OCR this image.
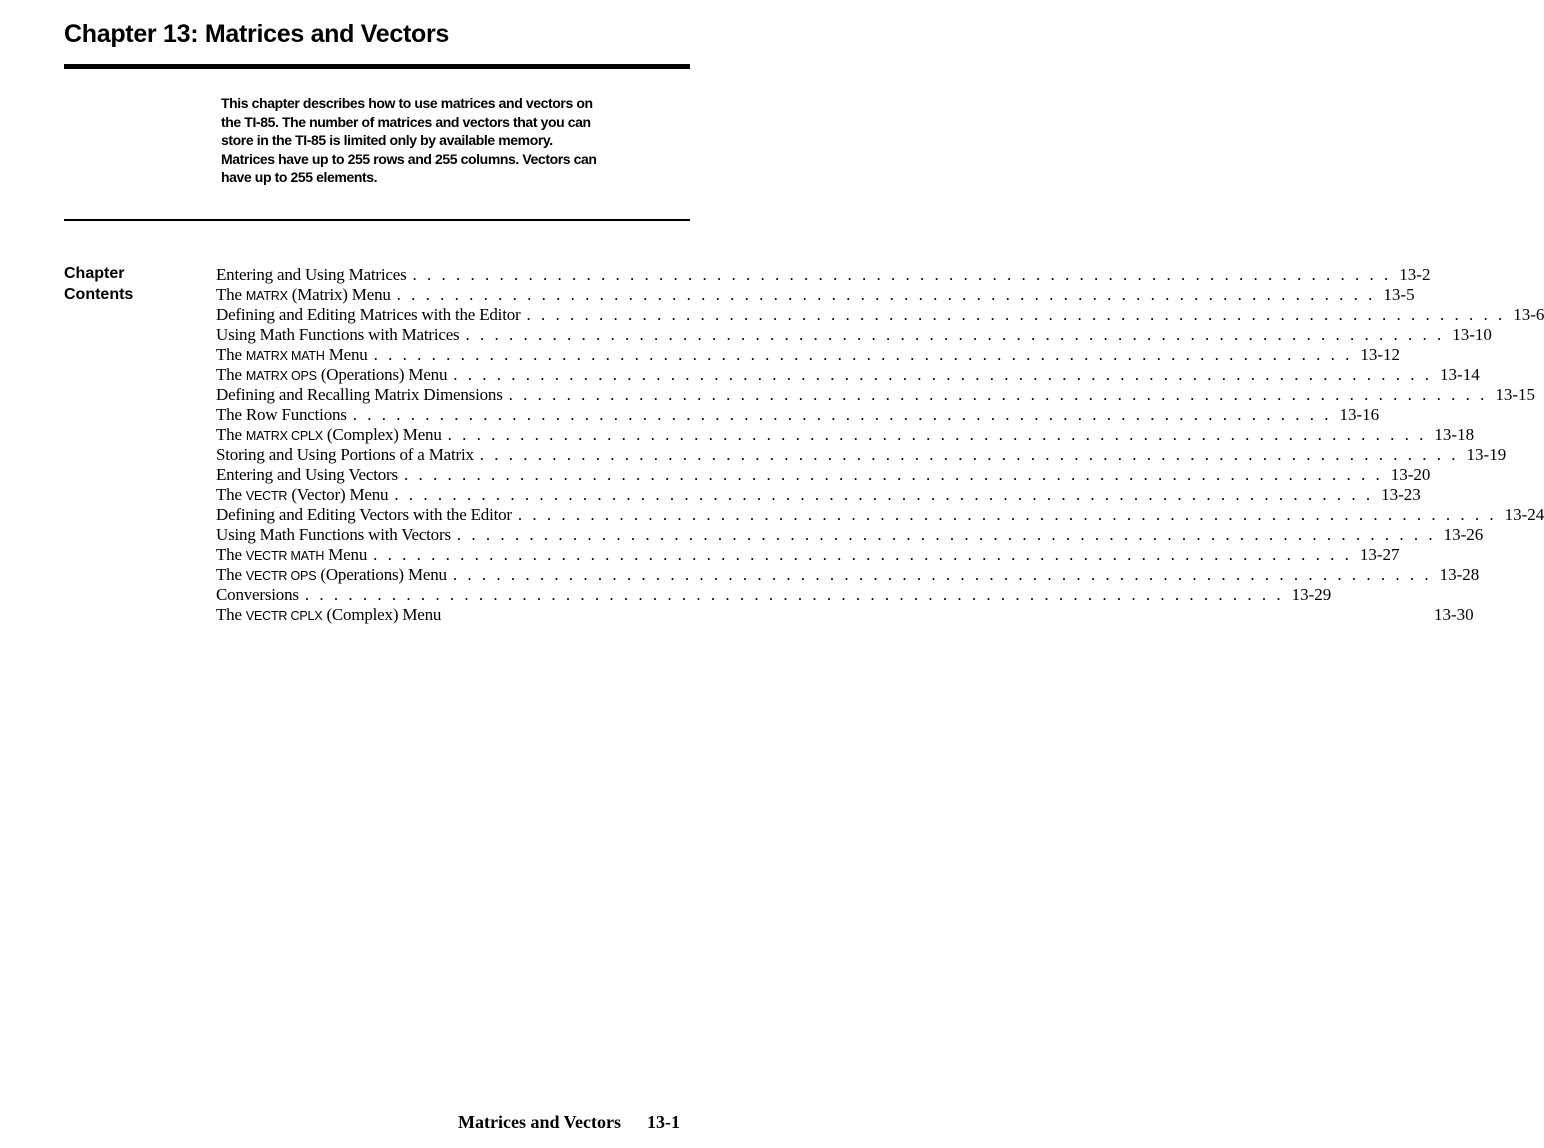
Chapter 13: Matrices and Vectors
This chapter describes how to use matrices and vectors on
the TI-85. The number of matrices and vectors that you can
store in the TI-85 is limited only by available memory.
Matrices have up to 255 rows and 255 columns. Vectors can
have up to 255 elements.
Chapter
Contents
Entering and Using Matrices . . . . . . . . . . . . . . . . . . . . . . . . . . . . . . . . . . . . . . . . . . . . . . . . . . . . . . . . . . . . . . . . . . . . 13-2
The MATRX (Matrix) Menu . . . . . . . . . . . . . . . . . . . . . . . . . . . . . . . . . . . . . . . . . . . . . . . . . . . . . . . . . . . . . . . . . . . . 13-5
Defining and Editing Matrices with the Editor . . . . . . . . . . . . . . . . . . . . . . . . . . . . . . . . . . . . . . . . . . . . . . . . . . . . . . . . . . . . . . . . . . . . 13-6
Using Math Functions with Matrices . . . . . . . . . . . . . . . . . . . . . . . . . . . . . . . . . . . . . . . . . . . . . . . . . . . . . . . . . . . . . . . . . . . . 13-10
The MATRX MATH Menu . . . . . . . . . . . . . . . . . . . . . . . . . . . . . . . . . . . . . . . . . . . . . . . . . . . . . . . . . . . . . . . . . . . . 13-12
The MATRX OPS (Operations) Menu . . . . . . . . . . . . . . . . . . . . . . . . . . . . . . . . . . . . . . . . . . . . . . . . . . . . . . . . . . . . . . . . . . . . 13-14
Defining and Recalling Matrix Dimensions . . . . . . . . . . . . . . . . . . . . . . . . . . . . . . . . . . . . . . . . . . . . . . . . . . . . . . . . . . . . . . . . . . . . 13-15
The Row Functions . . . . . . . . . . . . . . . . . . . . . . . . . . . . . . . . . . . . . . . . . . . . . . . . . . . . . . . . . . . . . . . . . . . . 13-16
The MATRX CPLX (Complex) Menu . . . . . . . . . . . . . . . . . . . . . . . . . . . . . . . . . . . . . . . . . . . . . . . . . . . . . . . . . . . . . . . . . . . . 13-18
Storing and Using Portions of a Matrix . . . . . . . . . . . . . . . . . . . . . . . . . . . . . . . . . . . . . . . . . . . . . . . . . . . . . . . . . . . . . . . . . . . . 13-19
Entering and Using Vectors . . . . . . . . . . . . . . . . . . . . . . . . . . . . . . . . . . . . . . . . . . . . . . . . . . . . . . . . . . . . . . . . . . . . 13-20
The VECTR (Vector) Menu . . . . . . . . . . . . . . . . . . . . . . . . . . . . . . . . . . . . . . . . . . . . . . . . . . . . . . . . . . . . . . . . . . . . 13-23
Defining and Editing Vectors with the Editor . . . . . . . . . . . . . . . . . . . . . . . . . . . . . . . . . . . . . . . . . . . . . . . . . . . . . . . . . . . . . . . . . . . . 13-24
Using Math Functions with Vectors . . . . . . . . . . . . . . . . . . . . . . . . . . . . . . . . . . . . . . . . . . . . . . . . . . . . . . . . . . . . . . . . . . . . 13-26
The VECTR MATH Menu . . . . . . . . . . . . . . . . . . . . . . . . . . . . . . . . . . . . . . . . . . . . . . . . . . . . . . . . . . . . . . . . . . . . 13-27
The VECTR OPS (Operations) Menu . . . . . . . . . . . . . . . . . . . . . . . . . . . . . . . . . . . . . . . . . . . . . . . . . . . . . . . . . . . . . . . . . . . . 13-28
Conversions . . . . . . . . . . . . . . . . . . . . . . . . . . . . . . . . . . . . . . . . . . . . . . . . . . . . . . . . . . . . . . . . . . . . 13-29
The VECTR CPLX (Complex) Menu	13-30
Matrices and Vectors 13-1
